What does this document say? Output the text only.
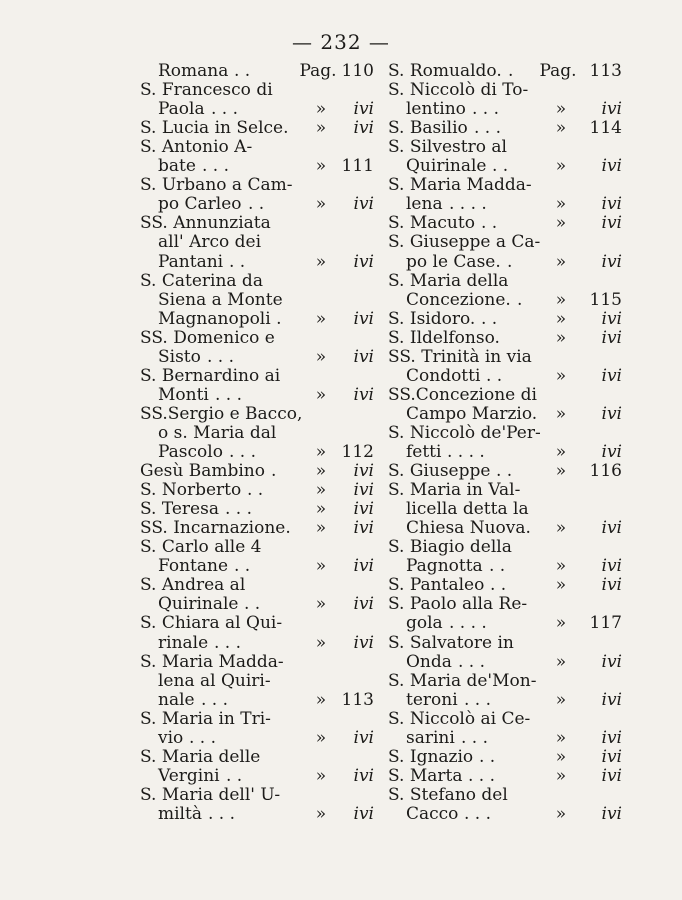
— 232 —
Romana . .	Pag. 110
S. Francesco di
Paola . . .	»	ivi
S. Lucia in Selce.	»	ivi
S. Antonio A-
bate . . .	» 111
S. Urbano a Cam-
po Carleo . .	»	ivi
SS. Annunziata
all' Arco dei
Pantani . .	»	ivi
S. Caterina da
Siena a Monte
Magnanopoli .	»	ivi
SS. Domenico e
Sisto . . .	»	ivi
S. Bernardino ai
Monti . . .	»	ivi
SS.Sergio e Bacco,
o s. Maria dal
Pascolo . . .	» 112
Gesù Bambino .	»	ivi
S. Norberto . .	»	ivi
S. Teresa . . .	»	ivi
SS. Incarnazione.	»	ivi
S. Carlo alle 4
Fontane . .	»	ivi
S. Andrea al
Quirinale . .	»	ivi
S. Chiara al Qui-
rinale . . .	»	ivi
S. Maria Madda-
lena al Quiri-
nale . . .	» 113
S. Maria in Tri-
vio . . .	»	ivi
S. Maria delle
Vergini . .	»	ivi
S. Maria dell' U-
miltà . . .	»	ivi
S. Romualdo. . Pag. 113
S. Niccolò di To-
lentino . . .	»	ivi
S. Basilio . . .	»	114
S. Silvestro al
Quirinale . .	»	ivi
S. Maria Madda-
lena . . . .	»	ivi
S. Macuto . .	»	ivi
S. Giuseppe a Ca-
po le Case. .	»	ivi
S. Maria della
Concezione. .	»	115
S. Isidoro. . .	»	ivi
S. Ildelfonso.	»	ivi
SS. Trinità in via
Condotti . .	»	ivi
SS.Concezione di
Campo Marzio.	»	ivi
S. Niccolò de'Per-
fetti . . . .	»	ivi
S. Giuseppe . .	»	116
S. Maria in Val-
licella detta la
Chiesa Nuova.	»	ivi
S. Biagio della
Pagnotta . .	»	ivi
S. Pantaleo . .	»	ivi
S. Paolo alla Re-
gola . . . .	»	117
S. Salvatore in
Onda . . .	»	ivi
S. Maria de'Mon-
teroni . . .	»	ivi
S. Niccolò ai Ce-
sarini . . .	»	ivi
S. Ignazio . .	»	ivi
S. Marta . . .	»	ivi
S. Stefano del
Cacco . . .	»	ivi
